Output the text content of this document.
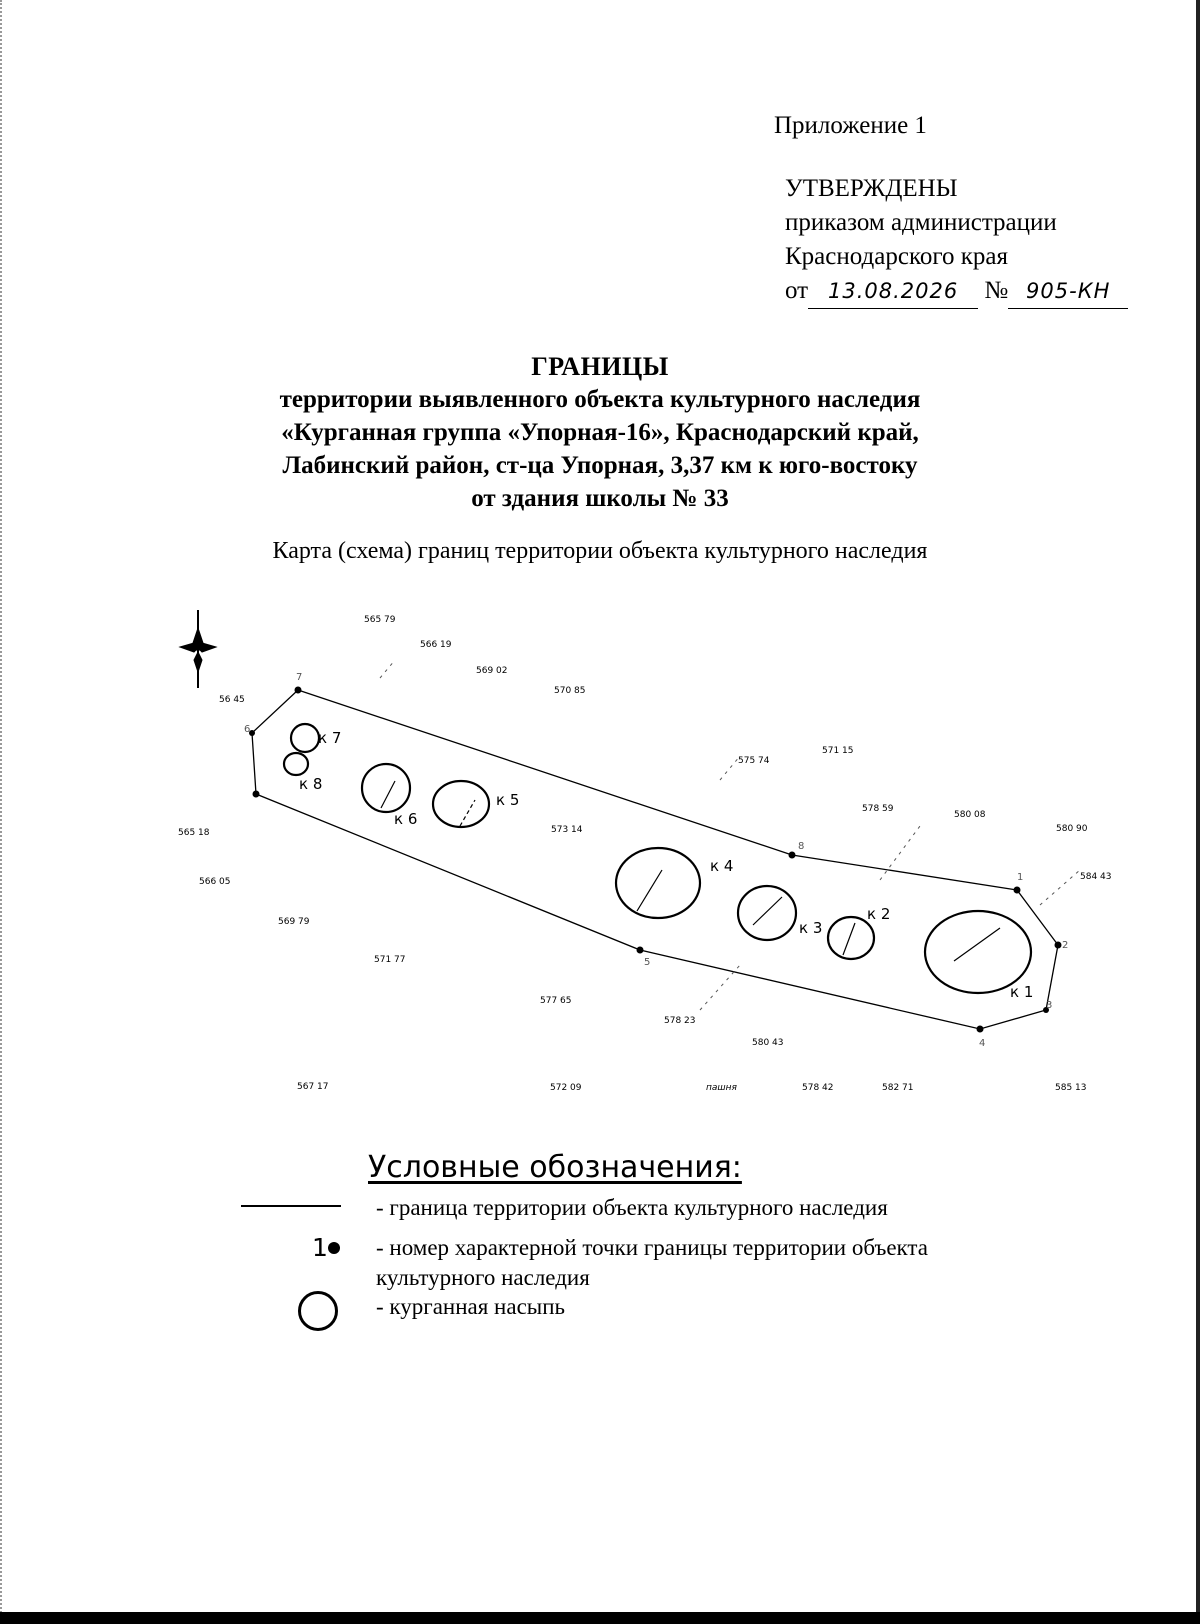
Приложение 1
УТВЕРЖДЕНЫ
приказом администрации
Краснодарского края
от 13.08.2026 № 905-КН
ГРАНИЦЫ
территории выявленного объекта культурного наследия
«Курганная группа «Упорная-16», Краснодарский край,
Лабинский район, ст-ца Упорная, 3,37 км к юго-востоку
от здания школы № 33
Карта (схема) границ территории объекта культурного наследия
1
2
3
4
5
6
7
8
к 1
к 2
к 3
к 4
к 5
к 6
к 7
к 8
565 79
566 19
569 02
570 85
575 74
571 15
578 59
580 08
580 90
584 43
573 14
565 18
566 05
569 79
571 77
577 65
578 23
580 43
567 17	572 09	578 42	582 71	585 13
56 45
пашня
Условные обозначения:
- граница территории объекта культурного наследия
1 - номер характерной точки границы территории объекта
культурного наследия
- курганная насыпь
